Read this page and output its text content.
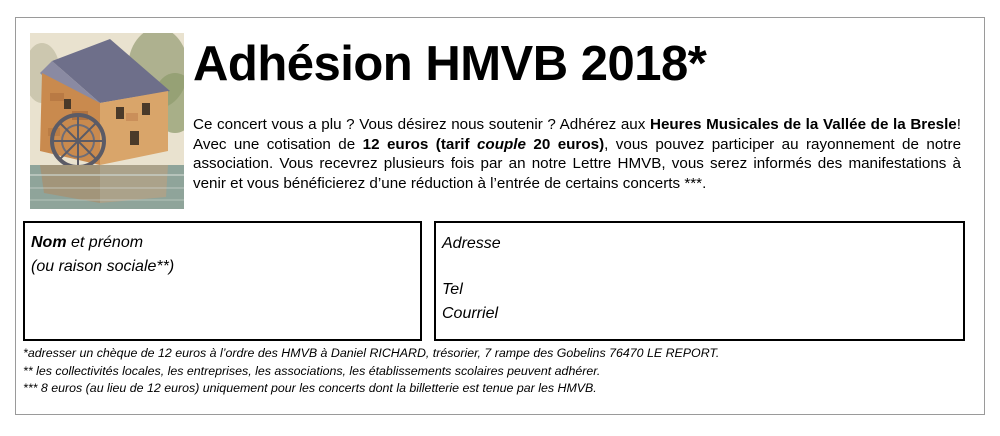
Adhésion HMVB 2018*

Ce concert vous a plu ? Vous désirez nous soutenir ? Adhérez aux Heures Musicales de la Vallée de la Bresle! Avec une cotisation de 12 euros (tarif couple 20 euros), vous pouvez participer au rayonnement de notre association. Vous recevrez plusieurs fois par an notre Lettre HMVB, vous serez informés des manifestations à venir et vous bénéficierez d’une réduction à l’entrée de certains concerts ***.

Nom et prénom
(ou raison sociale**)
Adresse
Tel
Courriel
*adresser un chèque de 12 euros à l’ordre des HMVB à Daniel RICHARD, trésorier, 7 rampe des Gobelins 76470 LE REPORT.
** les collectivités locales, les entreprises, les associations, les établissements scolaires peuvent adhérer.
*** 8 euros (au lieu de 12 euros) uniquement pour les concerts dont la billetterie est tenue par les HMVB.
